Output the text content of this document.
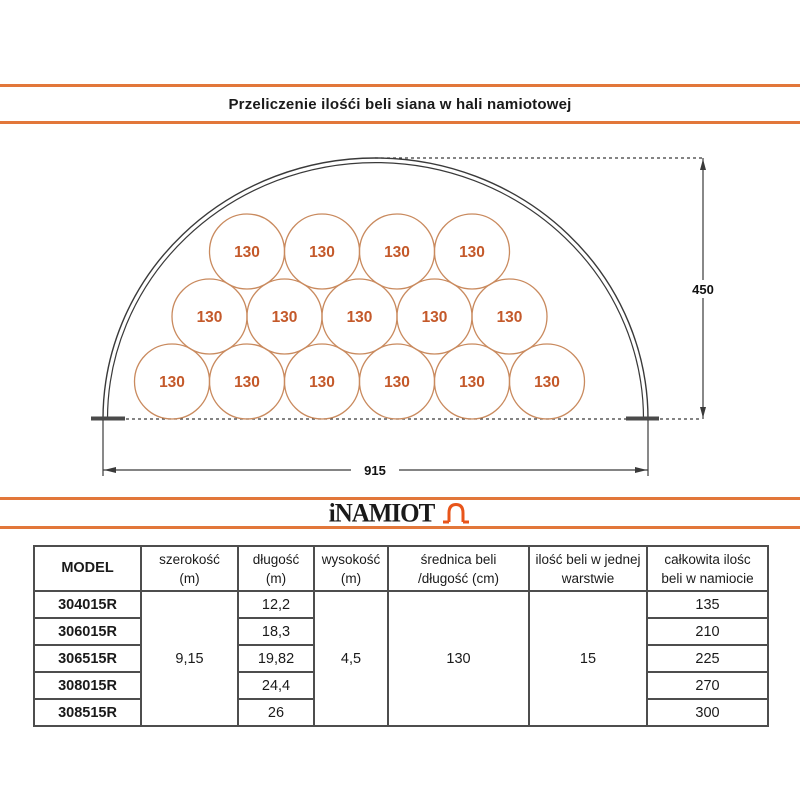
Przeliczenie ilośći beli siana w hali namiotowej
130	130	130	130	130	130
130	130	130	130	130
130	130	130	130
450
915
iNAMIOT
MODEL

szerokość
(m)

długość
(m)

wysokość
(m)

średnica beli
/długość (cm)

ilość beli w jednej
warstwie

całkowita ilośc
beli w namiocie

304015R	9,15	12,2	4,5	130	15	135
306015R		18,3				210
306515R		19,82				225
308015R		24,4				270
308515R		26				300
